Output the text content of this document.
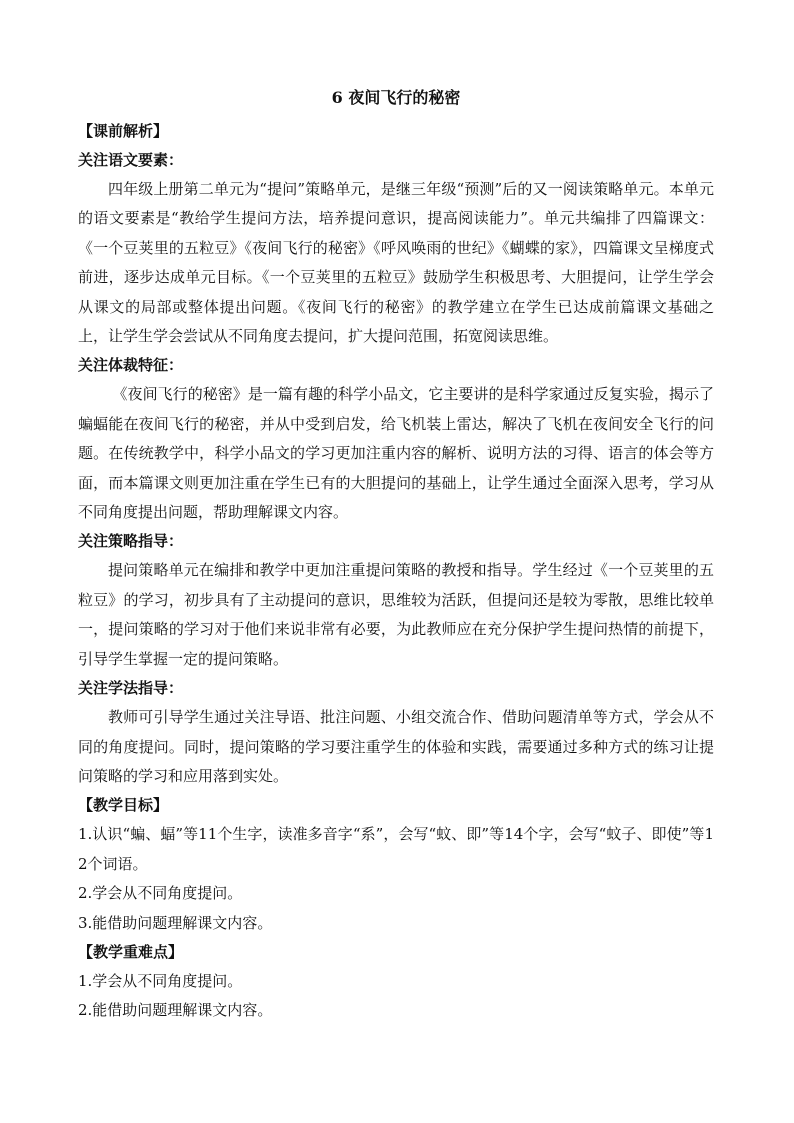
6 夜间飞行的秘密

【课前解析】

关注语文要素：

四年级上册第二单元为“提问”策略单元，是继三年级“预测”后的又一阅读策略单元。本单元的语文要素是“教给学生提问方法，培养提问意识，提高阅读能力”。单元共编排了四篇课文：《一个豆荚里的五粒豆》《夜间飞行的秘密》《呼风唤雨的世纪》《蝴蝶的家》，四篇课文呈梯度式前进，逐步达成单元目标。《一个豆荚里的五粒豆》鼓励学生积极思考、大胆提问，让学生学会从课文的局部或整体提出问题。《夜间飞行的秘密》的教学建立在学生已达成前篇课文基础之上，让学生学会尝试从不同角度去提问，扩大提问范围，拓宽阅读思维。

关注体裁特征：

《夜间飞行的秘密》是一篇有趣的科学小品文，它主要讲的是科学家通过反复实验，揭示了蝙蝠能在夜间飞行的秘密，并从中受到启发，给飞机装上雷达，解决了飞机在夜间安全飞行的问题。在传统教学中，科学小品文的学习更加注重内容的解析、说明方法的习得、语言的体会等方面，而本篇课文则更加注重在学生已有的大胆提问的基础上，让学生通过全面深入思考，学习从不同角度提出问题，帮助理解课文内容。

关注策略指导：

提问策略单元在编排和教学中更加注重提问策略的教授和指导。学生经过《一个豆荚里的五粒豆》的学习，初步具有了主动提问的意识，思维较为活跃，但提问还是较为零散，思维比较单一，提问策略的学习对于他们来说非常有必要，为此教师应在充分保护学生提问热情的前提下，引导学生掌握一定的提问策略。

关注学法指导：

教师可引导学生通过关注导语、批注问题、小组交流合作、借助问题清单等方式，学会从不同的角度提问。同时，提问策略的学习要注重学生的体验和实践，需要通过多种方式的练习让提问策略的学习和应用落到实处。

【教学目标】

1.认识“蝙、蝠”等11个生字，读准多音字“系”，会写“蚊、即”等14个字，会写“蚊子、即使”等12个词语。

2.学会从不同角度提问。

3.能借助问题理解课文内容。

【教学重难点】

1.学会从不同角度提问。

2.能借助问题理解课文内容。
